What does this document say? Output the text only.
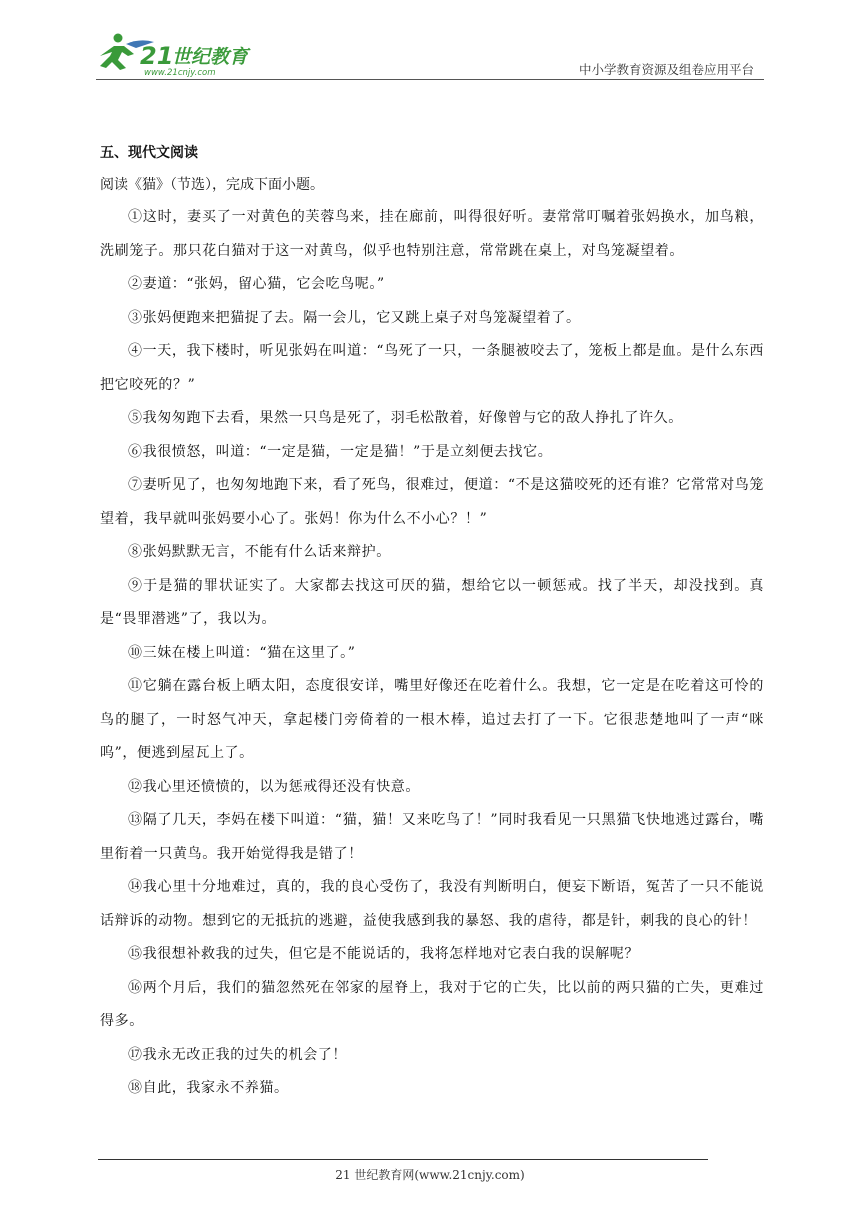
21
世纪教育
www.21cnjy.com	中小学教育资源及组卷应用平台

五、现代文阅读

阅读《猫》（节选），完成下面小题。

①这时，妻买了一对黄色的芙蓉鸟来，挂在廊前，叫得很好听。妻常常叮嘱着张妈换水，加鸟粮，洗刷笼子。那只花白猫对于这一对黄鸟，似乎也特别注意，常常跳在桌上，对鸟笼凝望着。

②妻道：“张妈，留心猫，它会吃鸟呢。”

③张妈便跑来把猫捉了去。隔一会儿，它又跳上桌子对鸟笼凝望着了。

④一天，我下楼时，听见张妈在叫道：“鸟死了一只，一条腿被咬去了，笼板上都是血。是什么东西把它咬死的？”

⑤我匆匆跑下去看，果然一只鸟是死了，羽毛松散着，好像曾与它的敌人挣扎了许久。

⑥我很愤怒，叫道：“一定是猫，一定是猫！”于是立刻便去找它。

⑦妻听见了，也匆匆地跑下来，看了死鸟，很难过，便道：“不是这猫咬死的还有谁？它常常对鸟笼望着，我早就叫张妈要小心了。张妈！你为什么不小心？！”

⑧张妈默默无言，不能有什么话来辩护。

⑨于是猫的罪状证实了。大家都去找这可厌的猫，想给它以一顿惩戒。找了半天，却没找到。真是“畏罪潜逃”了，我以为。

⑩三妹在楼上叫道：“猫在这里了。”

⑪它躺在露台板上晒太阳，态度很安详，嘴里好像还在吃着什么。我想，它一定是在吃着这可怜的鸟的腿了，一时怒气冲天，拿起楼门旁倚着的一根木棒，追过去打了一下。它很悲楚地叫了一声“咪呜”，便逃到屋瓦上了。

⑫我心里还愤愤的，以为惩戒得还没有快意。

⑬隔了几天，李妈在楼下叫道：“猫，猫！又来吃鸟了！”同时我看见一只黑猫飞快地逃过露台，嘴里衔着一只黄鸟。我开始觉得我是错了！

⑭我心里十分地难过，真的，我的良心受伤了，我没有判断明白，便妄下断语，冤苦了一只不能说话辩诉的动物。想到它的无抵抗的逃避，益使我感到我的暴怒、我的虐待，都是针，刺我的良心的针！

⑮我很想补救我的过失，但它是不能说话的，我将怎样地对它表白我的误解呢？

⑯两个月后，我们的猫忽然死在邻家的屋脊上，我对于它的亡失，比以前的两只猫的亡失，更难过得多。

⑰我永无改正我的过失的机会了！

⑱自此，我家永不养猫。

21 世纪教育网(www.21cnjy.com)
